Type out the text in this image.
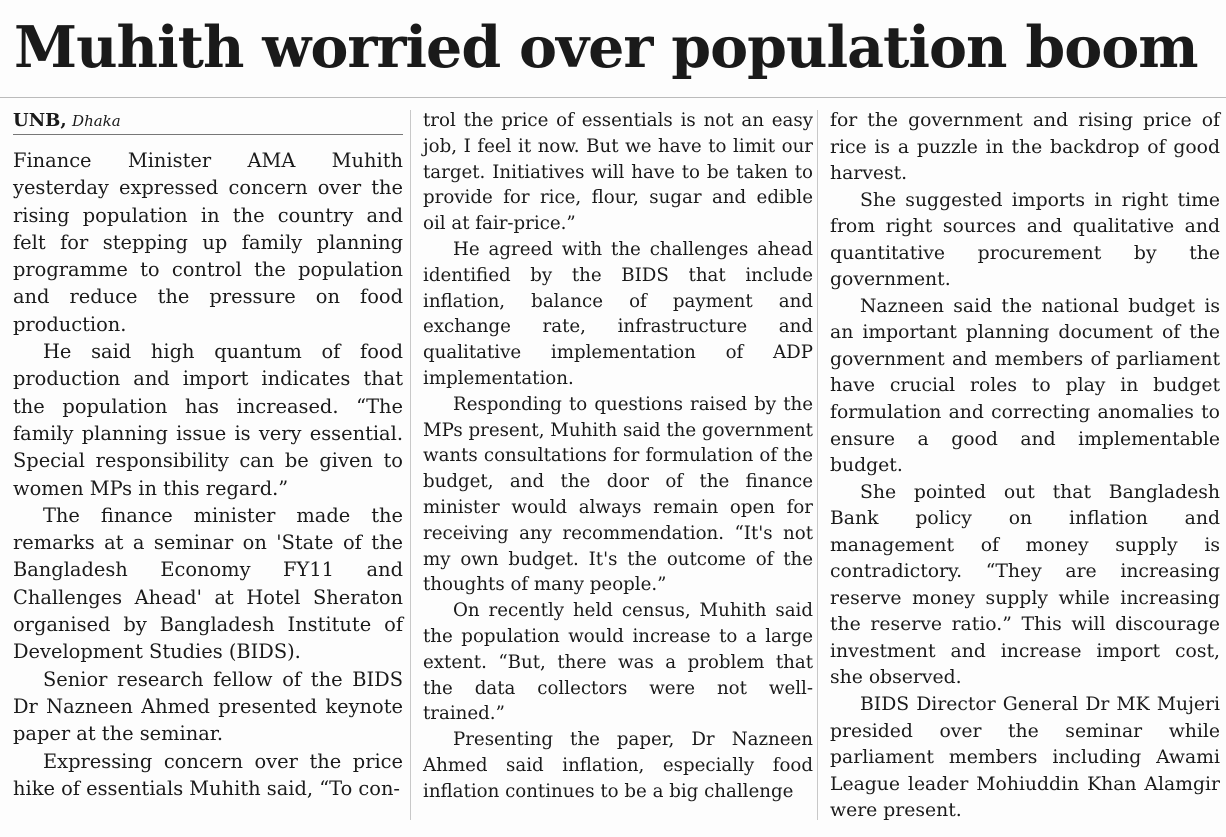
Muhith worried over population boom
UNB, Dhaka

Finance Minister AMA Muhith yesterday expressed concern over the rising population in the country and felt for stepping up family planning programme to control the population and reduce the pressure on food production.

He said high quantum of food production and import indicates that the population has increased. “The family planning issue is very essential. Special responsibility can be given to women MPs in this regard.”

The finance minister made the remarks at a seminar on 'State of the Bangladesh Economy FY11 and Challenges Ahead' at Hotel Sheraton organised by Bangladesh Institute of Development Studies (BIDS).

Senior research fellow of the BIDS Dr Nazneen Ahmed presented keynote paper at the seminar.

Expressing concern over the price hike of essentials Muhith said, “To con-

trol the price of essentials is not an easy job, I feel it now. But we have to limit our target. Initiatives will have to be taken to provide for rice, flour, sugar and edible oil at fair-price.”

He agreed with the challenges ahead identified by the BIDS that include inflation, balance of payment and exchange rate, infrastructure and qualitative implementation of ADP implementation.

Responding to questions raised by the MPs present, Muhith said the government wants consultations for formulation of the budget, and the door of the finance minister would always remain open for receiving any recommendation. “It's not my own budget. It's the outcome of the thoughts of many people.”

On recently held census, Muhith said the population would increase to a large extent. “But, there was a problem that the data collectors were not well-trained.”

Presenting the paper, Dr Nazneen Ahmed said inflation, especially food inflation continues to be a big challenge

for the government and rising price of rice is a puzzle in the backdrop of good harvest.

She suggested imports in right time from right sources and qualitative and quantitative procurement by the government.

Nazneen said the national budget is an important planning document of the government and members of parliament have crucial roles to play in budget formulation and correcting anomalies to ensure a good and implementable budget.

She pointed out that Bangladesh Bank policy on inflation and management of money supply is contradictory. “They are increasing reserve money supply while increasing the reserve ratio.” This will discourage investment and increase import cost, she observed.

BIDS Director General Dr MK Mujeri presided over the seminar while parliament members including Awami League leader Mohiuddin Khan Alamgir were present.
